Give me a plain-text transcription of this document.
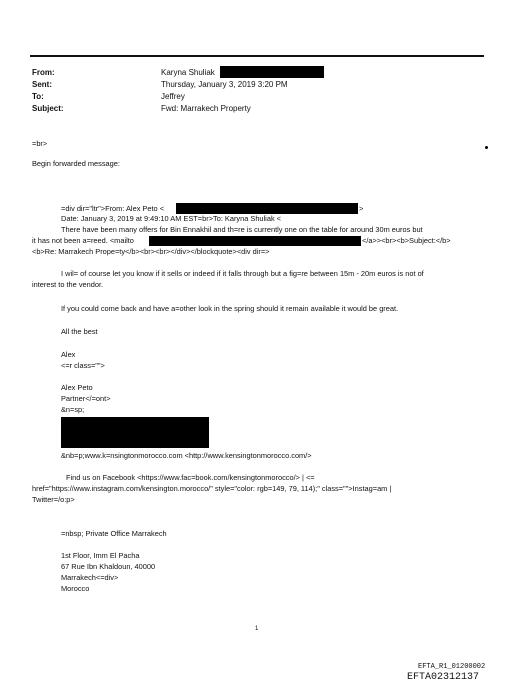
From:
Sent:
To:
Subject:
Karyna Shuliak
Thursday, January 3, 2019 3:20 PM
Jeffrey
Fwd: Marrakech Property
=br>
Begin forwarded message:
=div dir="ltr">From: Alex Peto <	>
Date: January 3, 2019 at 9:49:10 AM EST=br>To: Karyna Shuliak <
There have been many offers for Bin Ennakhil and th=re is currently one on the table for around 30m euros but
it has not been a=reed. <mailto	</a>><br><b>Subject:</b>
<b>Re: Marrakech Prope=ty</b><br><br></div></blockquote><div dir=>
I wil= of course let you know if it sells or indeed if it falls through but a fig=re between 15m - 20m euros is not of
interest to the vendor.
If you could come back and have a=other look in the spring should it remain available it would be great.
All the best
Alex
<=r class="">
Alex Peto
Partner</=ont>
&n=sp;
&nb=p;www.k=nsingtonmorocco.com <http://www.kensingtonmorocco.com/>
Find us on Facebook <https://www.fac=book.com/kensingtonmorocco/> | <=
href="https://www.instagram.com/kensington.morocco/" style="color: rgb=149, 79, 114);" class="">Instag=am |
Twitter=/o:p>
=nbsp; Private Office Marrakech
1st Floor, Imm El Pacha
67 Rue Ibn Khaldoun, 40000
Marrakech<=div>
Morocco
1
EFTA_R1_01200002
EFTA02312137
